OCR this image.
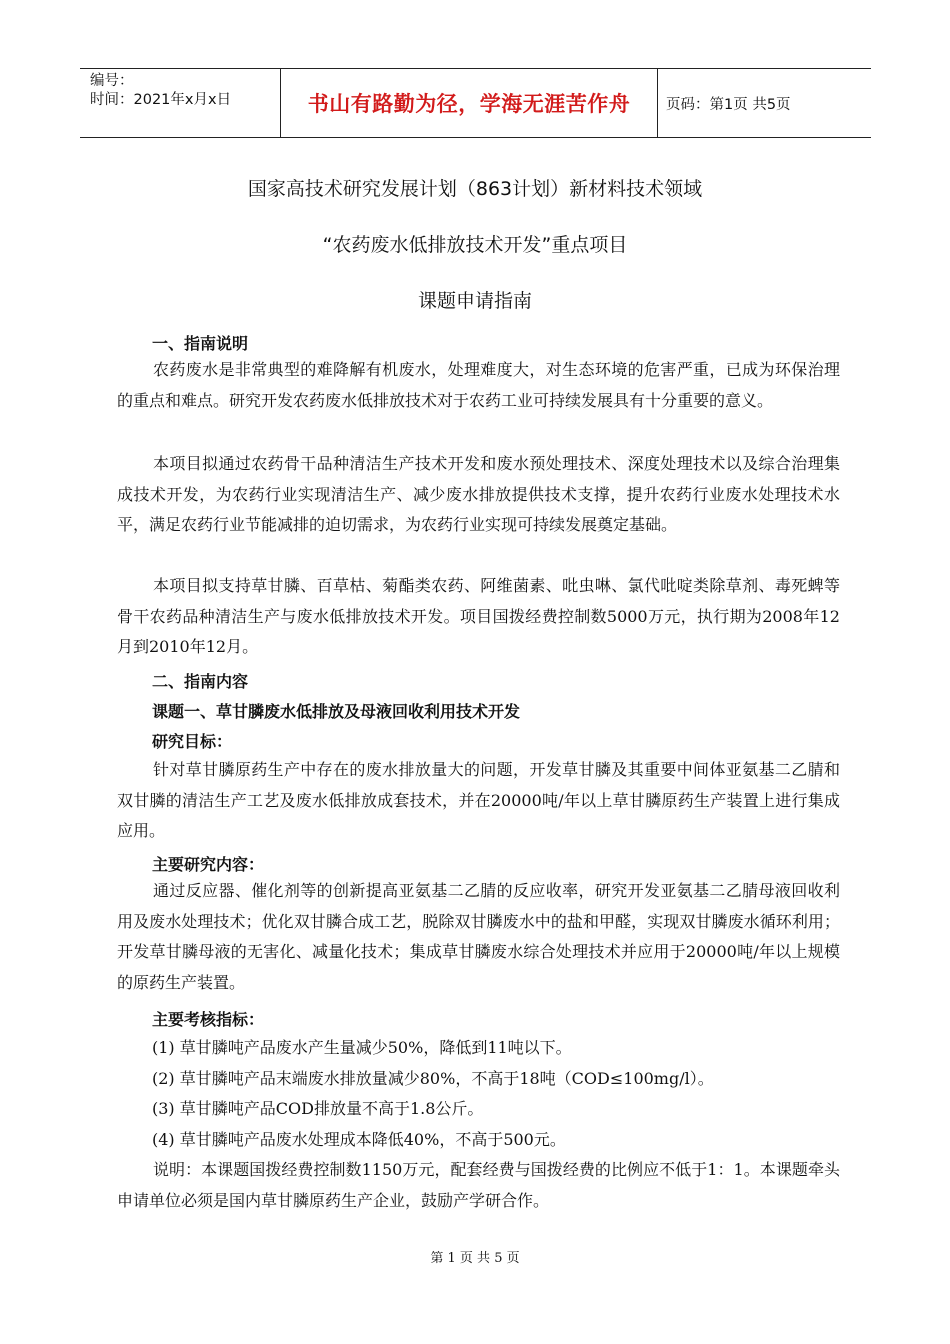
编号：
时间：2021年x月x日	书山有路勤为径，学海无涯苦作舟	页码：第1页 共5页
国家高技术研究发展计划（863计划）新材料技术领域
“农药废水低排放技术开发”重点项目
课题申请指南
一、指南说明
农药废水是非常典型的难降解有机废水，处理难度大，对生态环境的危害严重，已成为环保治理的重点和难点。研究开发农药废水低排放技术对于农药工业可持续发展具有十分重要的意义。
本项目拟通过农药骨干品种清洁生产技术开发和废水预处理技术、深度处理技术以及综合治理集成技术开发，为农药行业实现清洁生产、减少废水排放提供技术支撑，提升农药行业废水处理技术水平，满足农药行业节能减排的迫切需求，为农药行业实现可持续发展奠定基础。
本项目拟支持草甘膦、百草枯、菊酯类农药、阿维菌素、吡虫啉、氯代吡啶类除草剂、毒死蜱等骨干农药品种清洁生产与废水低排放技术开发。项目国拨经费控制数5000万元，执行期为2008年12月到2010年12月。
二、指南内容
课题一、草甘膦废水低排放及母液回收利用技术开发
研究目标：
针对草甘膦原药生产中存在的废水排放量大的问题，开发草甘膦及其重要中间体亚氨基二乙腈和双甘膦的清洁生产工艺及废水低排放成套技术，并在20000吨/年以上草甘膦原药生产装置上进行集成应用。
主要研究内容：
通过反应器、催化剂等的创新提高亚氨基二乙腈的反应收率，研究开发亚氨基二乙腈母液回收利用及废水处理技术；优化双甘膦合成工艺，脱除双甘膦废水中的盐和甲醛，实现双甘膦废水循环利用；开发草甘膦母液的无害化、减量化技术；集成草甘膦废水综合处理技术并应用于20000吨/年以上规模的原药生产装置。
主要考核指标：
(1) 草甘膦吨产品废水产生量减少50%，降低到11吨以下。
(2) 草甘膦吨产品末端废水排放量减少80%，不高于18吨（COD≤100mg/l）。
(3) 草甘膦吨产品COD排放量不高于1.8公斤。
(4) 草甘膦吨产品废水处理成本降低40%，不高于500元。
说明：本课题国拨经费控制数1150万元，配套经费与国拨经费的比例应不低于1：1。本课题牵头申请单位必须是国内草甘膦原药生产企业，鼓励产学研合作。
第 1 页 共 5 页
